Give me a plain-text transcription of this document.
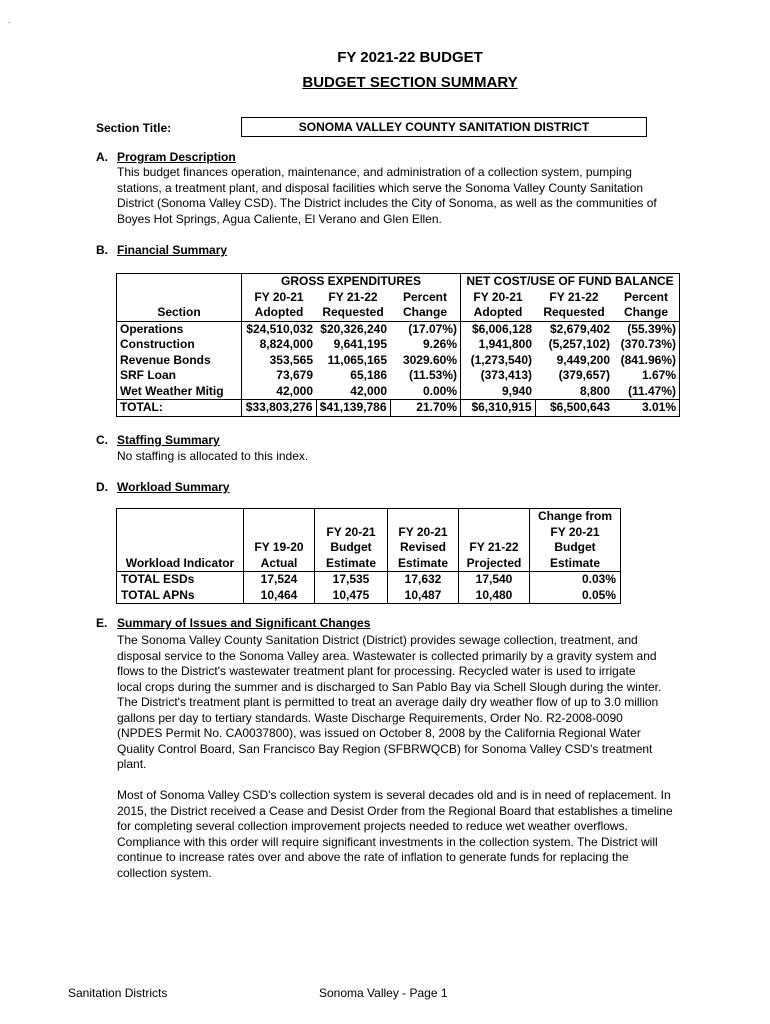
.
FY 2021-22 BUDGET
BUDGET SECTION SUMMARY
Section Title:	SONOMA VALLEY COUNTY SANITATION DISTRICT
A. Program Description
This budget finances operation, maintenance, and administration of a collection system, pumping stations, a treatment plant, and disposal facilities which serve the Sonoma Valley County Sanitation District (Sonoma Valley CSD). The District includes the City of Sonoma, as well as the communities of Boyes Hot Springs, Agua Caliente, El Verano and Glen Ellen.
B. Financial Summary
	GROSS EXPENDITURES			NET COST/USE OF FUND BALANCE		
	FY 20-21	FY 21-22	Percent	FY 20-21	FY 21-22	Percent
Section	Adopted	Requested	Change	Adopted	Requested	Change
Operations	$24,510,032	$20,326,240	(17.07%)	$6,006,128	$2,679,402	(55.39%)
Construction	8,824,000	9,641,195	9.26%	1,941,800	(5,257,102)	(370.73%)
Revenue Bonds	353,565	11,065,165	3029.60%	(1,273,540)	9,449,200	(841.96%)
SRF Loan	73,679	65,186	(11.53%)	(373,413)	(379,657)	1.67%
Wet Weather Mitig	42,000	42,000	0.00%	9,940	8,800	(11.47%)
TOTAL:	$33,803,276	$41,139,786	21.70%	$6,310,915	$6,500,643	3.01%
C. Staffing Summary
No staffing is allocated to this index.
D. Workload Summary
					Change from
		FY 20-21	FY 20-21		FY 20-21
	FY 19-20	Budget	Revised	FY 21-22	Budget
Workload Indicator	Actual	Estimate	Estimate	Projected	Estimate
TOTAL ESDs	17,524	17,535	17,632	17,540	0.03%
TOTAL APNs	10,464	10,475	10,487	10,480	0.05%
E. Summary of Issues and Significant Changes
The Sonoma Valley County Sanitation District (District) provides sewage collection, treatment, and disposal service to the Sonoma Valley area. Wastewater is collected primarily by a gravity system and flows to the District's wastewater treatment plant for processing. Recycled water is used to irrigate local crops during the summer and is discharged to San Pablo Bay via Schell Slough during the winter. The District's treatment plant is permitted to treat an average daily dry weather flow of up to 3.0 million gallons per day to tertiary standards. Waste Discharge Requirements, Order No. R2-2008-0090 (NPDES Permit No. CA0037800), was issued on October 8, 2008 by the California Regional Water Quality Control Board, San Francisco Bay Region (SFBRWQCB) for Sonoma Valley CSD's treatment plant.
Most of Sonoma Valley CSD's collection system is several decades old and is in need of replacement. In 2015, the District received a Cease and Desist Order from the Regional Board that establishes a timeline for completing several collection improvement projects needed to reduce wet weather overflows. Compliance with this order will require significant investments in the collection system. The District will continue to increase rates over and above the rate of inflation to generate funds for replacing the collection system.
Sanitation Districts	Sonoma Valley - Page 1
